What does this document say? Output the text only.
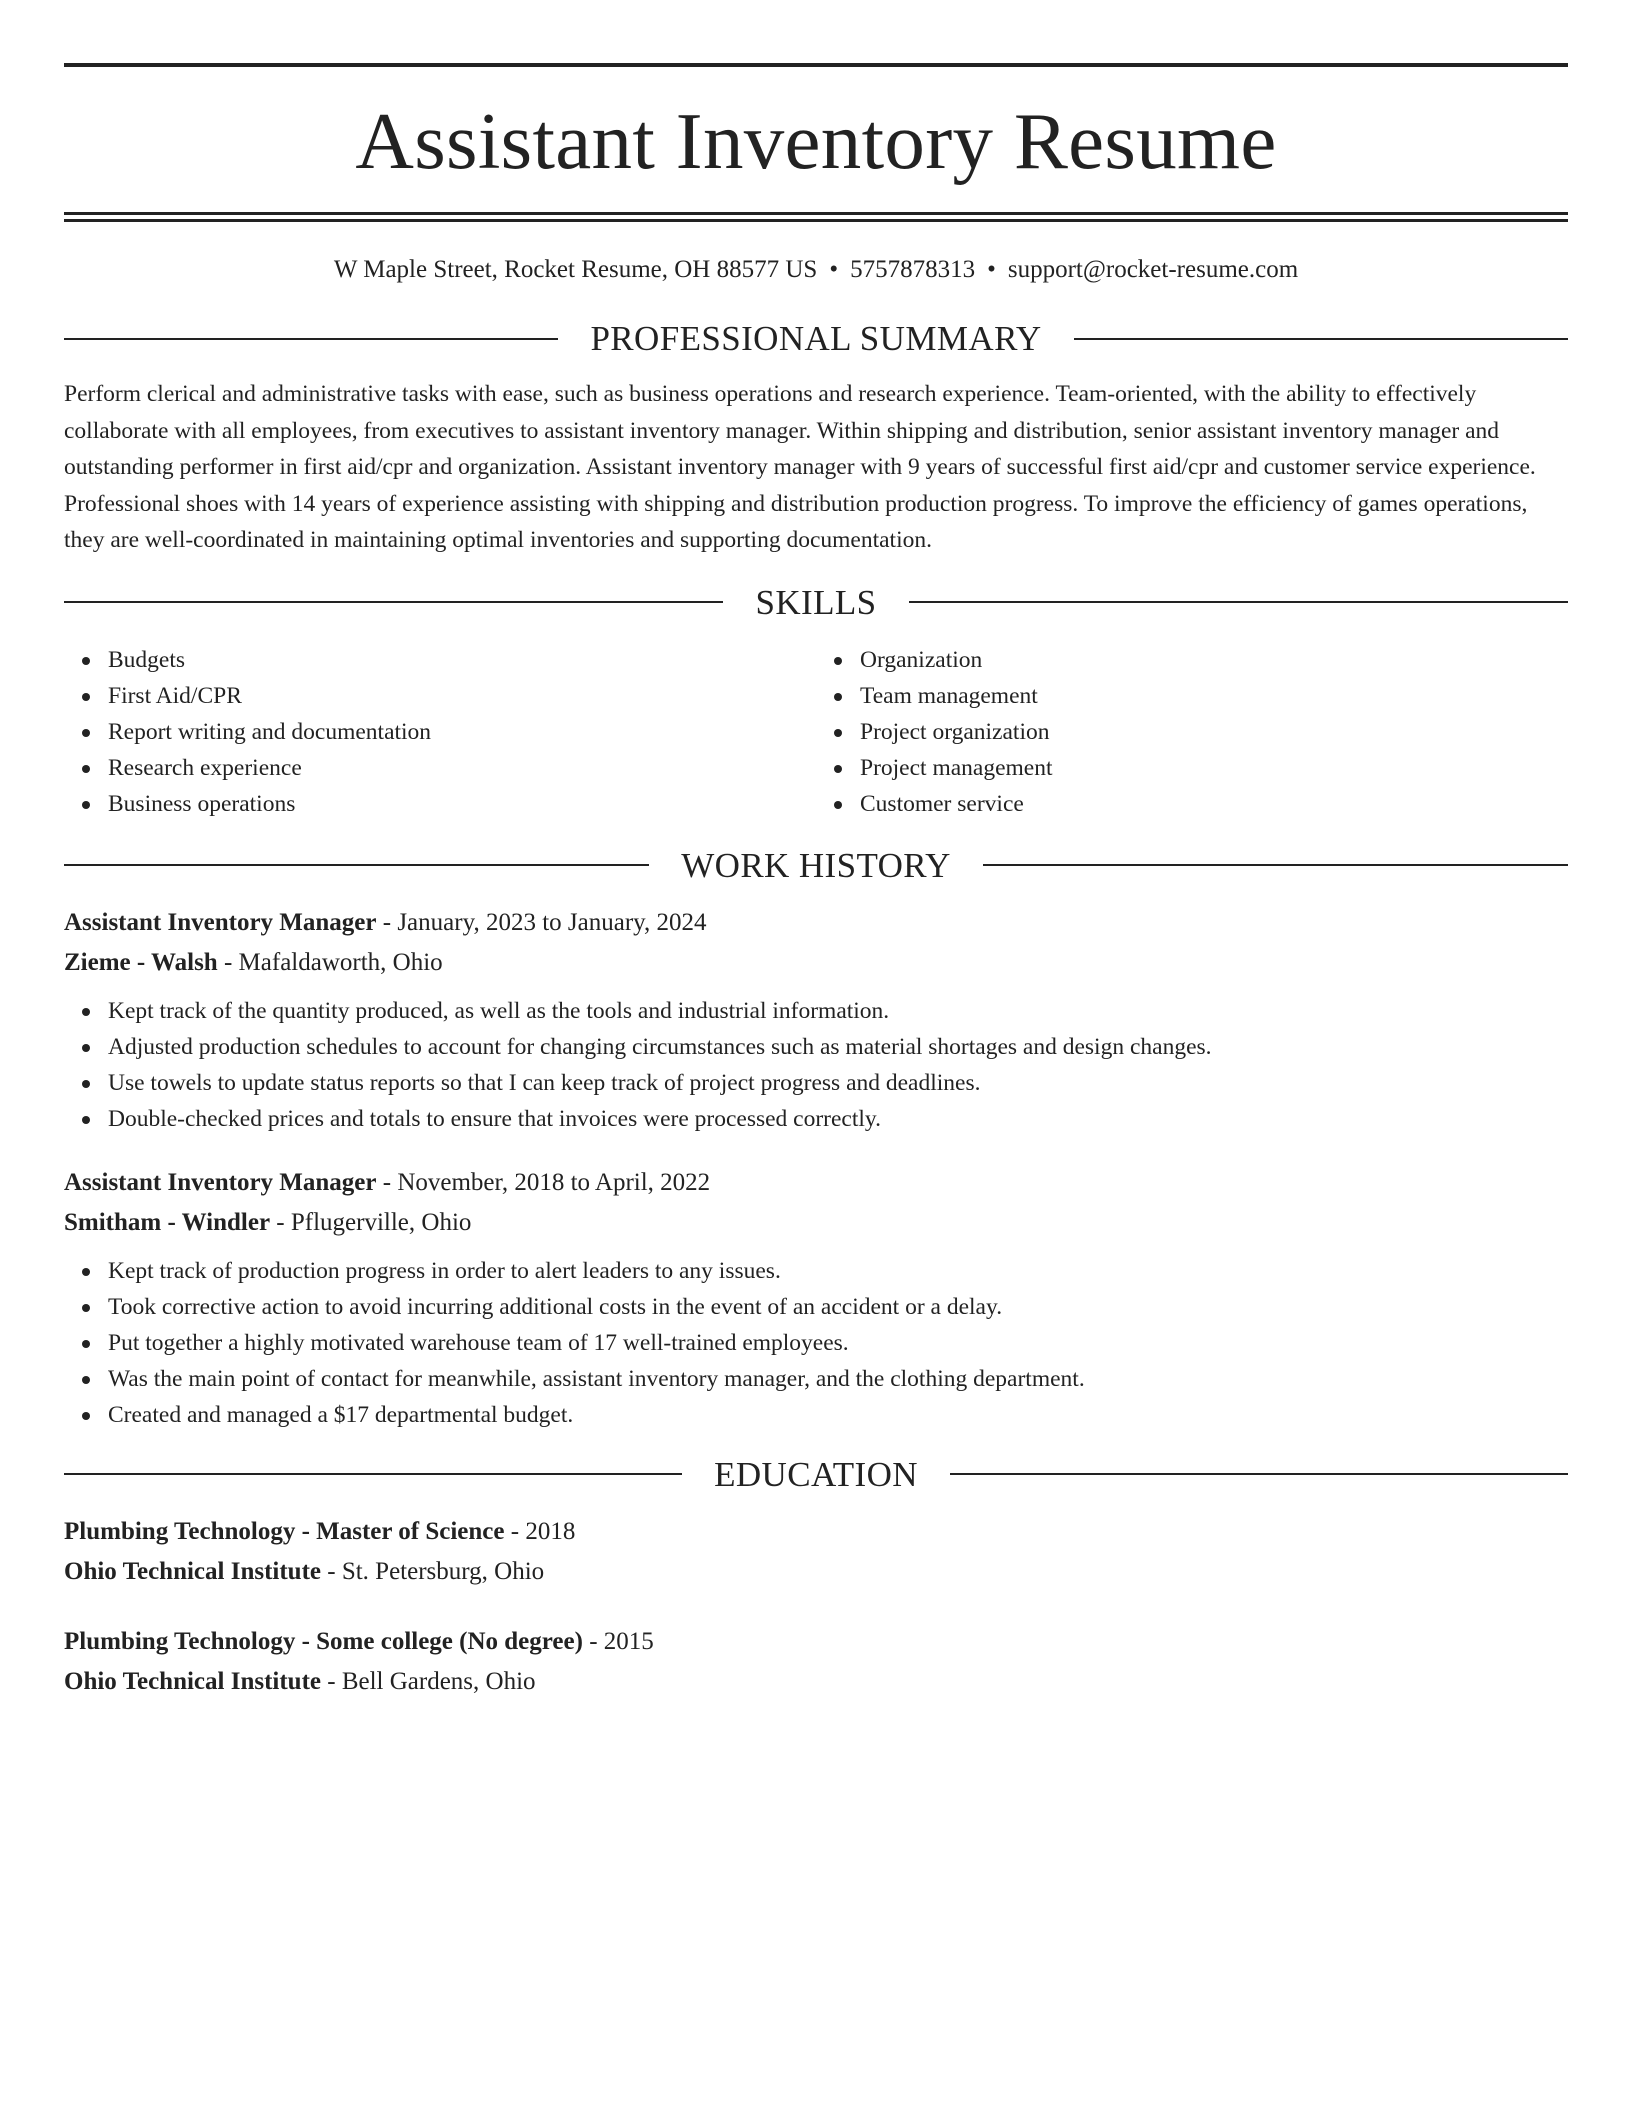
Assistant Inventory Resume
W Maple Street, Rocket Resume, OH 88577 US • 5757878313 • support@rocket-resume.com
PROFESSIONAL SUMMARY

Perform clerical and administrative tasks with ease, such as business operations and research experience. Team-oriented, with the ability to effectively collaborate with all employees, from executives to assistant inventory manager. Within shipping and distribution, senior assistant inventory manager and outstanding performer in first aid/cpr and organization. Assistant inventory manager with 9 years of successful first aid/cpr and customer service experience. Professional shoes with 14 years of experience assisting with shipping and distribution production progress. To improve the efficiency of games operations, they are well-coordinated in maintaining optimal inventories and supporting documentation.

SKILLS
Budgets
First Aid/CPR
Report writing and documentation
Research experience
Business operations
Organization
Team management
Project organization
Project management
Customer service
WORK HISTORY
Assistant Inventory Manager - January, 2023 to January, 2024
Zieme - Walsh - Mafaldaworth, Ohio
Kept track of the quantity produced, as well as the tools and industrial information.
Adjusted production schedules to account for changing circumstances such as material shortages and design changes.
Use towels to update status reports so that I can keep track of project progress and deadlines.
Double-checked prices and totals to ensure that invoices were processed correctly.
Assistant Inventory Manager - November, 2018 to April, 2022
Smitham - Windler - Pflugerville, Ohio
Kept track of production progress in order to alert leaders to any issues.
Took corrective action to avoid incurring additional costs in the event of an accident or a delay.
Put together a highly motivated warehouse team of 17 well-trained employees.
Was the main point of contact for meanwhile, assistant inventory manager, and the clothing department.
Created and managed a $17 departmental budget.
EDUCATION
Plumbing Technology - Master of Science - 2018
Ohio Technical Institute - St. Petersburg, Ohio
Plumbing Technology - Some college (No degree) - 2015
Ohio Technical Institute - Bell Gardens, Ohio
